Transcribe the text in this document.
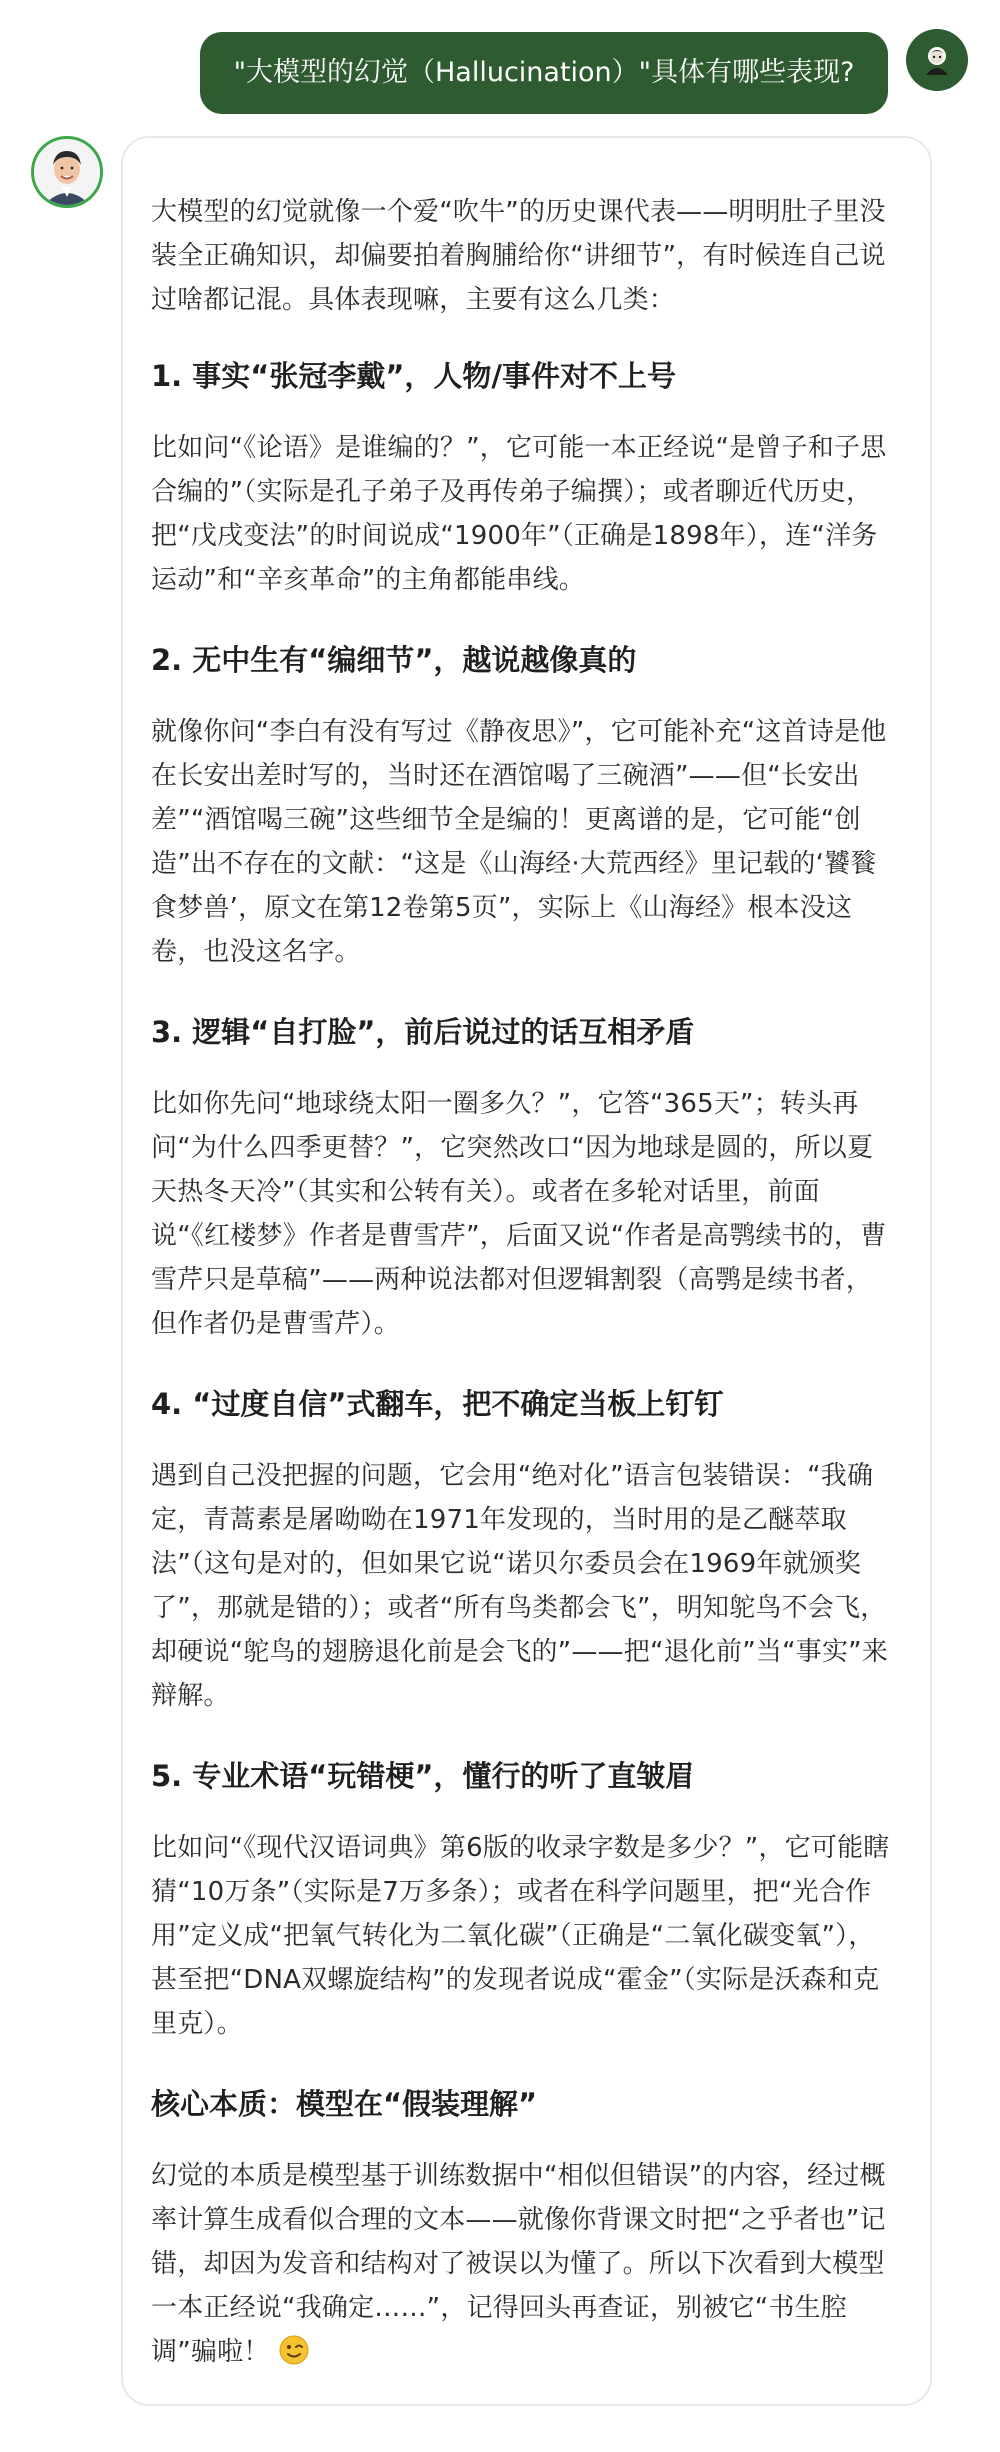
"大模型的幻觉（Hallucination）"具体有哪些表现?

大模型的幻觉就像一个爱“吹牛”的历史课代表——明明肚子里没装全正确知识，却偏要拍着胸脯给你“讲细节”，有时候连自己说过啥都记混。具体表现嘛，主要有这么几类：

1. 事实“张冠李戴”，人物/事件对不上号

比如问“《论语》是谁编的？”，它可能一本正经说“是曾子和子思合编的”（实际是孔子弟子及再传弟子编撰）；或者聊近代历史，把“戊戌变法”的时间说成“1900年”（正确是1898年），连“洋务运动”和“辛亥革命”的主角都能串线。

2. 无中生有“编细节”，越说越像真的

就像你问“李白有没有写过《静夜思》”，它可能补充“这首诗是他在长安出差时写的，当时还在酒馆喝了三碗酒”——但“长安出差”“酒馆喝三碗”这些细节全是编的！更离谱的是，它可能“创造”出不存在的文献：“这是《山海经·大荒西经》里记载的‘饕餮食梦兽’，原文在第12卷第5页”，实际上《山海经》根本没这卷，也没这名字。

3. 逻辑“自打脸”，前后说过的话互相矛盾

比如你先问“地球绕太阳一圈多久？”，它答“365天”；转头再问“为什么四季更替？”，它突然改口“因为地球是圆的，所以夏天热冬天冷”（其实和公转有关）。或者在多轮对话里，前面说“《红楼梦》作者是曹雪芹”，后面又说“作者是高鹗续书的，曹雪芹只是草稿”——两种说法都对但逻辑割裂（高鹗是续书者，但作者仍是曹雪芹）。

4. “过度自信”式翻车，把不确定当板上钉钉

遇到自己没把握的问题，它会用“绝对化”语言包装错误：“我确定，青蒿素是屠呦呦在1971年发现的，当时用的是乙醚萃取法”（这句是对的，但如果它说“诺贝尔委员会在1969年就颁奖了”，那就是错的）；或者“所有鸟类都会飞”，明知鸵鸟不会飞，却硬说“鸵鸟的翅膀退化前是会飞的”——把“退化前”当“事实”来辩解。

5. 专业术语“玩错梗”，懂行的听了直皱眉

比如问“《现代汉语词典》第6版的收录字数是多少？”，它可能瞎猜“10万条”（实际是7万多条）；或者在科学问题里，把“光合作用”定义成“把氧气转化为二氧化碳”（正确是“二氧化碳变氧”），甚至把“DNA双螺旋结构”的发现者说成“霍金”（实际是沃森和克里克）。

核心本质：模型在“假装理解”

幻觉的本质是模型基于训练数据中“相似但错误”的内容，经过概率计算生成看似合理的文本——就像你背课文时把“之乎者也”记错，却因为发音和结构对了被误以为懂了。所以下次看到大模型一本正经说“我确定……”，记得回头再查证，别被它“书生腔调”骗啦！
